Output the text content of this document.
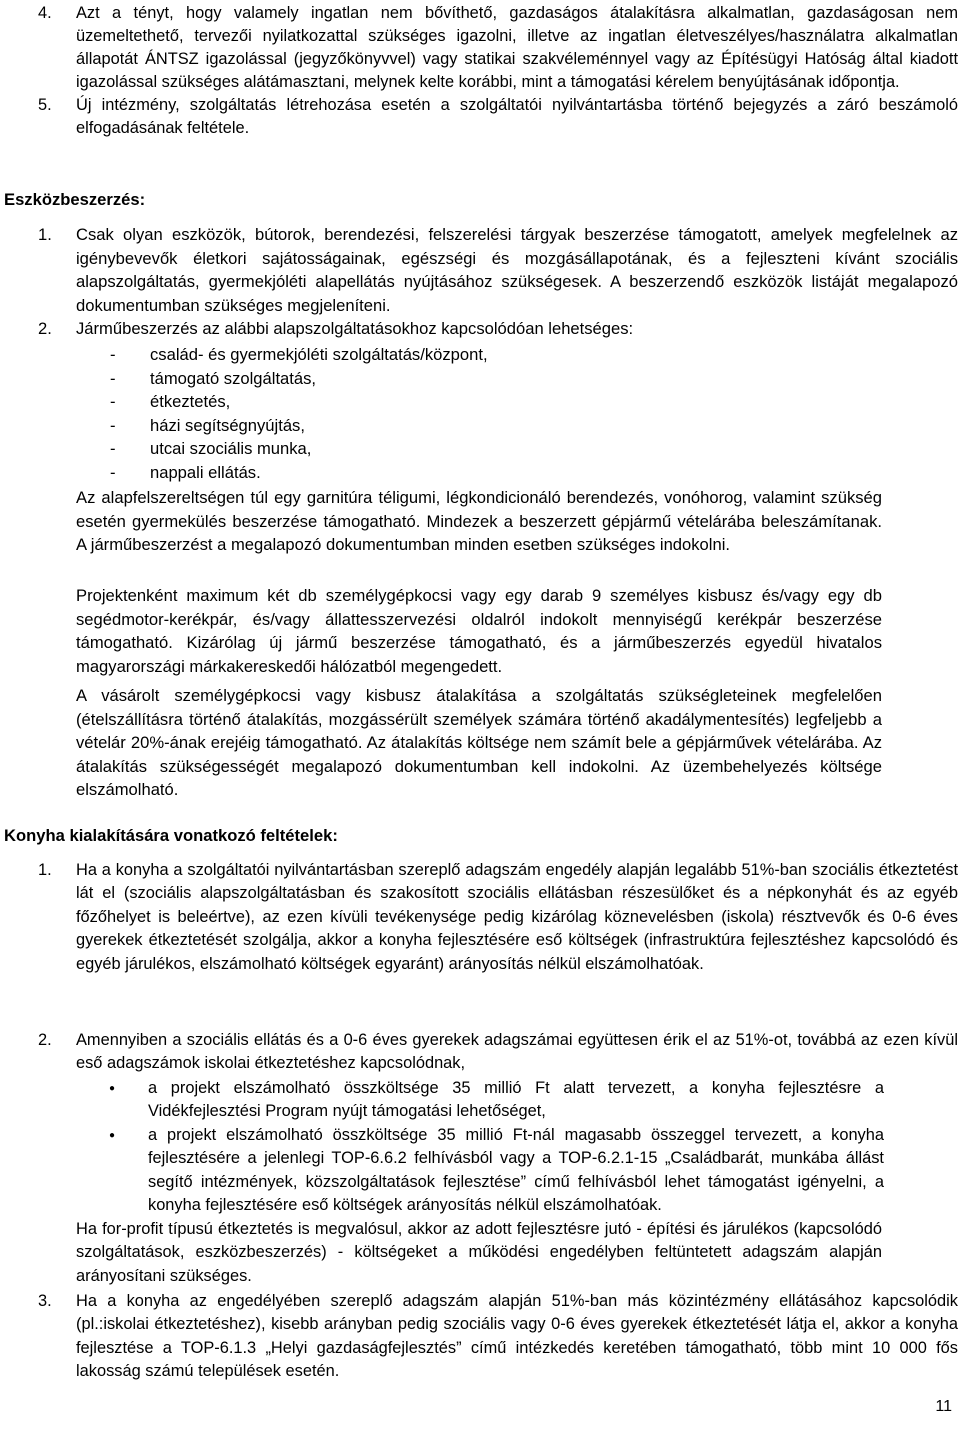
4.	Azt a tényt, hogy valamely ingatlan nem bővíthető, gazdaságos átalakításra alkalmatlan, gazdaságosan nem üzemeltethető, tervezői nyilatkozattal szükséges igazolni, illetve az ingatlan életveszélyes/használatra alkalmatlan állapotát ÁNTSZ igazolással (jegyzőkönyvvel) vagy statikai szakvéleménnyel vagy az Építésügyi Hatóság által kiadott igazolással szükséges alátámasztani, melynek kelte korábbi, mint a támogatási kérelem benyújtásának időpontja.
5.	Új intézmény, szolgáltatás létrehozása esetén a szolgáltatói nyilvántartásba történő bejegyzés a záró beszámoló elfogadásának feltétele.
Eszközbeszerzés:
1.	Csak olyan eszközök, bútorok, berendezési, felszerelési tárgyak beszerzése támogatott, amelyek megfelelnek az igénybevevők életkori sajátosságainak, egészségi és mozgásállapotának, és a fejleszteni kívánt szociális alapszolgáltatás, gyermekjóléti alapellátás nyújtásához szükségesek. A beszerzendő eszközök listáját megalapozó dokumentumban szükséges megjeleníteni.
2.	Járműbeszerzés az alábbi alapszolgáltatásokhoz kapcsolódóan lehetséges:
-	család- és gyermekjóléti szolgáltatás/központ,
-	támogató szolgáltatás,
-	étkeztetés,
-	házi segítségnyújtás,
-	utcai szociális munka,
-	nappali ellátás.

Az alapfelszereltségen túl egy garnitúra téligumi, légkondicionáló berendezés, vonóhorog, valamint szükség esetén gyermekülés beszerzése támogatható. Mindezek a beszerzett gépjármű vételárába beleszámítanak. A járműbeszerzést a megalapozó dokumentumban minden esetben szükséges indokolni.

Projektenként maximum két db személygépkocsi vagy egy darab 9 személyes kisbusz és/vagy egy db segédmotor-kerékpár, és/vagy állattesszervezési oldalról indokolt mennyiségű kerékpár beszerzése támogatható. Kizárólag új jármű beszerzése támogatható, és a járműbeszerzés egyedül hivatalos magyarországi márkakereskedői hálózatból megengedett.

A vásárolt személygépkocsi vagy kisbusz átalakítása a szolgáltatás szükségleteinek megfelelően (ételszállításra történő átalakítás, mozgássérült személyek számára történő akadálymentesítés) legfeljebb a vételár 20%-ának erejéig támogatható. Az átalakítás költsége nem számít bele a gépjárművek vételárába. Az átalakítás szükségességét megalapozó dokumentumban kell indokolni. Az üzembehelyezés költsége elszámolható.

Konyha kialakítására vonatkozó feltételek:
1.	Ha a konyha a szolgáltatói nyilvántartásban szereplő adagszám engedély alapján legalább 51%-ban szociális étkeztetést lát el (szociális alapszolgáltatásban és szakosított szociális ellátásban részesülőket és a népkonyhát és az egyéb főzőhelyet is beleértve), az ezen kívüli tevékenysége pedig kizárólag köznevelésben (iskola) résztvevők és 0-6 éves gyerekek étkeztetését szolgálja, akkor a konyha fejlesztésére eső költségek (infrastruktúra fejlesztéshez kapcsolódó és egyéb járulékos, elszámolható költségek egyaránt) arányosítás nélkül elszámolhatóak.
2.	Amennyiben a szociális ellátás és a 0-6 éves gyerekek adagszámai együttesen érik el az 51%-ot, továbbá az ezen kívül eső adagszámok iskolai étkeztetéshez kapcsolódnak,
●	a projekt elszámolható összköltsége 35 millió Ft alatt tervezett, a konyha fejlesztésre a Vidékfejlesztési Program nyújt támogatási lehetőséget,
●	a projekt elszámolható összköltsége 35 millió Ft-nál magasabb összeggel tervezett, a konyha fejlesztésére a jelenlegi TOP-6.6.2 felhívásból vagy a TOP-6.2.1-15 „Családbarát, munkába állást segítő intézmények, közszolgáltatások fejlesztése” című felhívásból lehet támogatást igényelni, a konyha fejlesztésére eső költségek arányosítás nélkül elszámolhatóak.

Ha for-profit típusú étkeztetés is megvalósul, akkor az adott fejlesztésre jutó - építési és járulékos (kapcsolódó szolgáltatások, eszközbeszerzés) - költségeket a működési engedélyben feltüntetett adagszám alapján arányosítani szükséges.

3.	Ha a konyha az engedélyében szereplő adagszám alapján 51%-ban más közintézmény ellátásához kapcsolódik (pl.:iskolai étkeztetéshez), kisebb arányban pedig szociális vagy 0-6 éves gyerekek étkeztetését látja el, akkor a konyha fejlesztése a TOP-6.1.3 „Helyi gazdaságfejlesztés” című intézkedés keretében támogatható, több mint 10 000 fős lakosság számú települések esetén.
11
